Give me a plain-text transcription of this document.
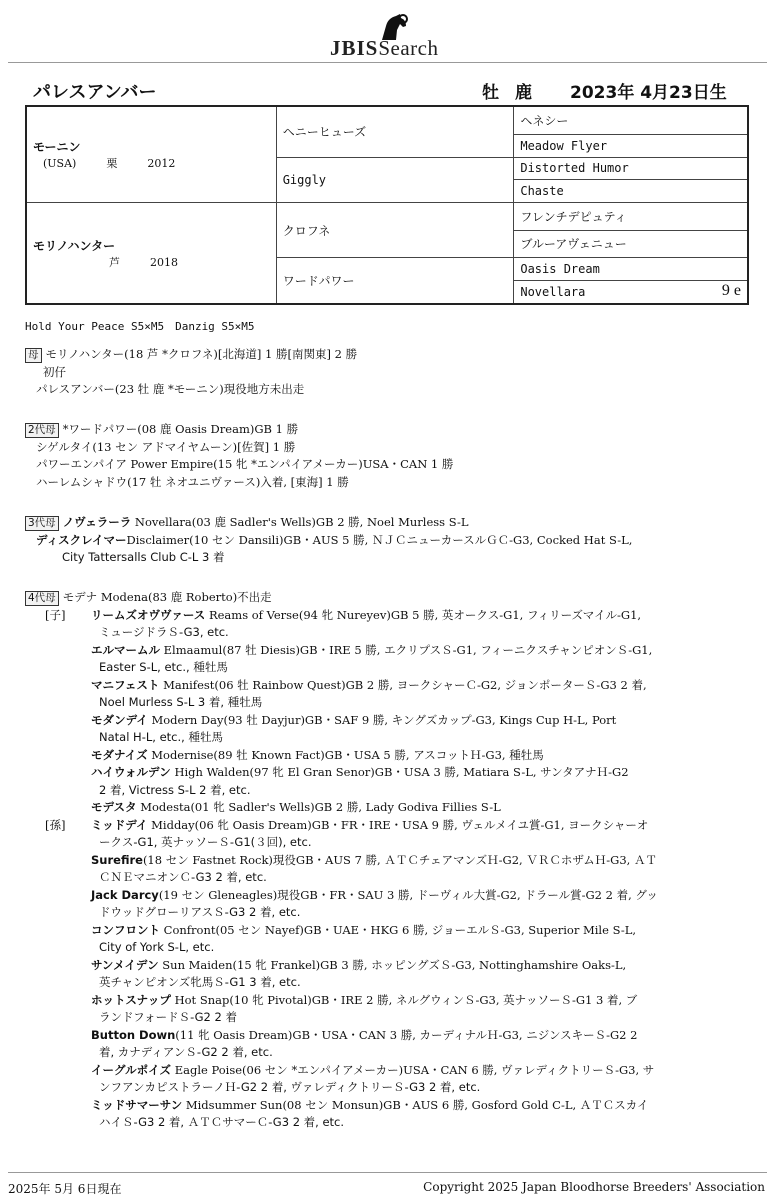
JBISSearch
パレスアンバー	牡 鹿 2023年 4月23日生
モーニン
(USA) 栗 2012	ヘニーヒューズ	ヘネシー
		Meadow Flyer
	Giggly	Distorted Humor
		Chaste

モリノハンター
芦 2018	クロフネ	フレンチデピュティ
		ブルーアヴェニュー
	ワードパワー	Oasis Dream
		Novellara 9 e
Hold Your Peace S5×M5　Danzig S5×M5
母 モリノハンター(18 芦 *クロフネ)[北海道] 1 勝[南関東] 2 勝
初仔
パレスアンバー(23 牡 鹿 *モーニン)現役地方未出走
2代母 *ワードパワー(08 鹿 Oasis Dream)GB 1 勝
シゲルタイ(13 セン アドマイヤムーン)[佐賀] 1 勝
パワーエンパイア Power Empire(15 牝 *エンパイアメーカー)USA・CAN 1 勝
ハーレムシャドウ(17 牡 ネオユニヴァース)入着, [東海] 1 勝
3代母 ノヴェラーラ Novellara(03 鹿 Sadler's Wells)GB 2 勝, Noel Murless S-L
ディスクレイマーDisclaimer(10 セン Dansili)GB・AUS 5 勝, ＮＪＣニューカースルＧＣ-G3, Cocked Hat S-L,
City Tattersalls Club C-L 3 着
4代母 モデナ Modena(83 鹿 Roberto)不出走
[子] リームズオヴヴァース Reams of Verse(94 牝 Nureyev)GB 5 勝, 英オークス-G1, フィリーズマイル-G1,
ミュージドラＳ-G3, etc.
エルマームル Elmaamul(87 牡 Diesis)GB・IRE 5 勝, エクリプスＳ-G1, フィーニクスチャンピオンＳ-G1,
Easter S-L, etc., 種牡馬
マニフェスト Manifest(06 牡 Rainbow Quest)GB 2 勝, ヨークシャーＣ-G2, ジョンポーターＳ-G3 2 着,
Noel Murless S-L 3 着, 種牡馬
モダンデイ Modern Day(93 牡 Dayjur)GB・SAF 9 勝, キングズカップ-G3, Kings Cup H-L, Port
Natal H-L, etc., 種牡馬
モダナイズ Modernise(89 牡 Known Fact)GB・USA 5 勝, アスコットＨ-G3, 種牡馬
ハイウォルデン High Walden(97 牝 El Gran Senor)GB・USA 3 勝, Matiara S-L, サンタアナＨ-G2
2 着, Victress S-L 2 着, etc.
モデスタ Modesta(01 牝 Sadler's Wells)GB 2 勝, Lady Godiva Fillies S-L
[孫] ミッドデイ Midday(06 牝 Oasis Dream)GB・FR・IRE・USA 9 勝, ヴェルメイユ賞-G1, ヨークシャーオ
ークス-G1, 英ナッソーＳ-G1(３回), etc.
Surefire(18 セン Fastnet Rock)現役GB・AUS 7 勝, ＡＴＣチェアマンズＨ-G2, ＶＲＣホザムＨ-G3, ＡＴ
ＣＮＥマニオンＣ-G3 2 着, etc.
Jack Darcy(19 セン Gleneagles)現役GB・FR・SAU 3 勝, ドーヴィル大賞-G2, ドラール賞-G2 2 着, グッ
ドウッドグローリアスＳ-G3 2 着, etc.
コンフロント Confront(05 セン Nayef)GB・UAE・HKG 6 勝, ジョーエルＳ-G3, Superior Mile S-L,
City of York S-L, etc.
サンメイデン Sun Maiden(15 牝 Frankel)GB 3 勝, ホッピングズＳ-G3, Nottinghamshire Oaks-L,
英チャンピオンズ牝馬Ｓ-G1 3 着, etc.
ホットスナップ Hot Snap(10 牝 Pivotal)GB・IRE 2 勝, ネルグウィンＳ-G3, 英ナッソーＳ-G1 3 着, ブ
ランドフォードＳ-G2 2 着
Button Down(11 牝 Oasis Dream)GB・USA・CAN 3 勝, カーディナルＨ-G3, ニジンスキーＳ-G2 2
着, カナディアンＳ-G2 2 着, etc.
イーグルポイズ Eagle Poise(06 セン *エンパイアメーカー)USA・CAN 6 勝, ヴァレディクトリーＳ-G3, サ
ンフアンカピストラーノＨ-G2 2 着, ヴァレディクトリーＳ-G3 2 着, etc.
ミッドサマーサン Midsummer Sun(08 セン Monsun)GB・AUS 6 勝, Gosford Gold C-L, ＡＴＣスカイ
ハイＳ-G3 2 着, ＡＴＣサマーＣ-G3 2 着, etc.
2025年 5月 6日現在	Copyright 2025 Japan Bloodhorse Breeders' Association
